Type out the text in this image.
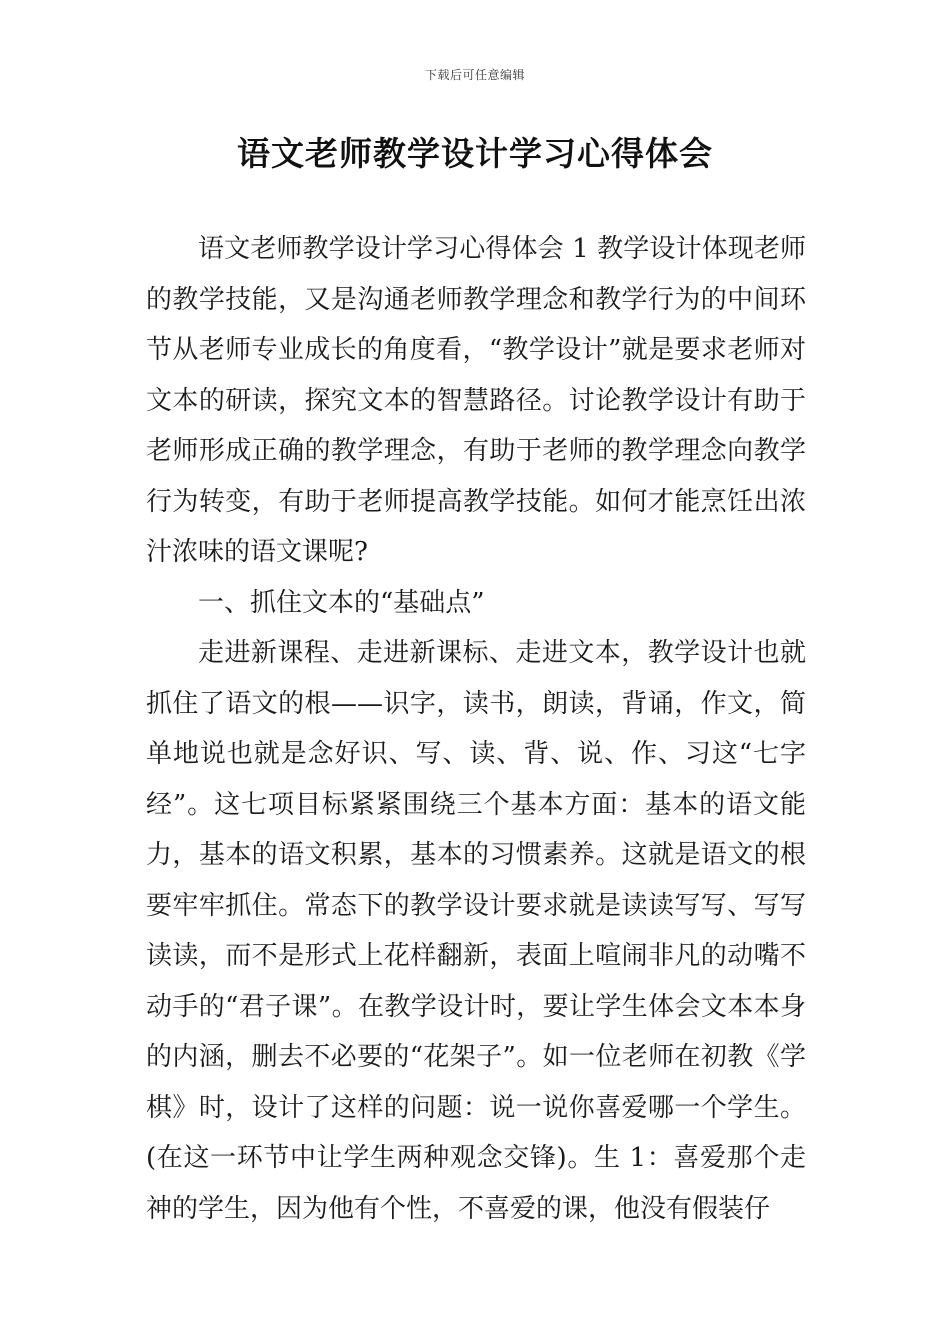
下载后可任意编辑
语文老师教学设计学习心得体会

语文老师教学设计学习心得体会 1 教学设计体现老师的教学技能，又是沟通老师教学理念和教学行为的中间环节从老师专业成长的角度看，“教学设计”就是要求老师对文本的研读，探究文本的智慧路径。讨论教学设计有助于老师形成正确的教学理念，有助于老师的教学理念向教学行为转变，有助于老师提高教学技能。如何才能烹饪出浓汁浓味的语文课呢?

一、抓住文本的“基础点”

走进新课程、走进新课标、走进文本，教学设计也就抓住了语文的根——识字，读书，朗读，背诵，作文，简单地说也就是念好识、写、读、背、说、作、习这“七字经”。这七项目标紧紧围绕三个基本方面：基本的语文能力，基本的语文积累，基本的习惯素养。这就是语文的根要牢牢抓住。常态下的教学设计要求就是读读写写、写写读读，而不是形式上花样翻新，表面上喧闹非凡的动嘴不动手的“君子课”。在教学设计时，要让学生体会文本本身的内涵，删去不必要的“花架子”。如一位老师在初教《学棋》时，设计了这样的问题：说一说你喜爱哪一个学生。(在这一环节中让学生两种观念交锋)。生 1：喜爱那个走神的学生，因为他有个性，不喜爱的课，他没有假装仔
